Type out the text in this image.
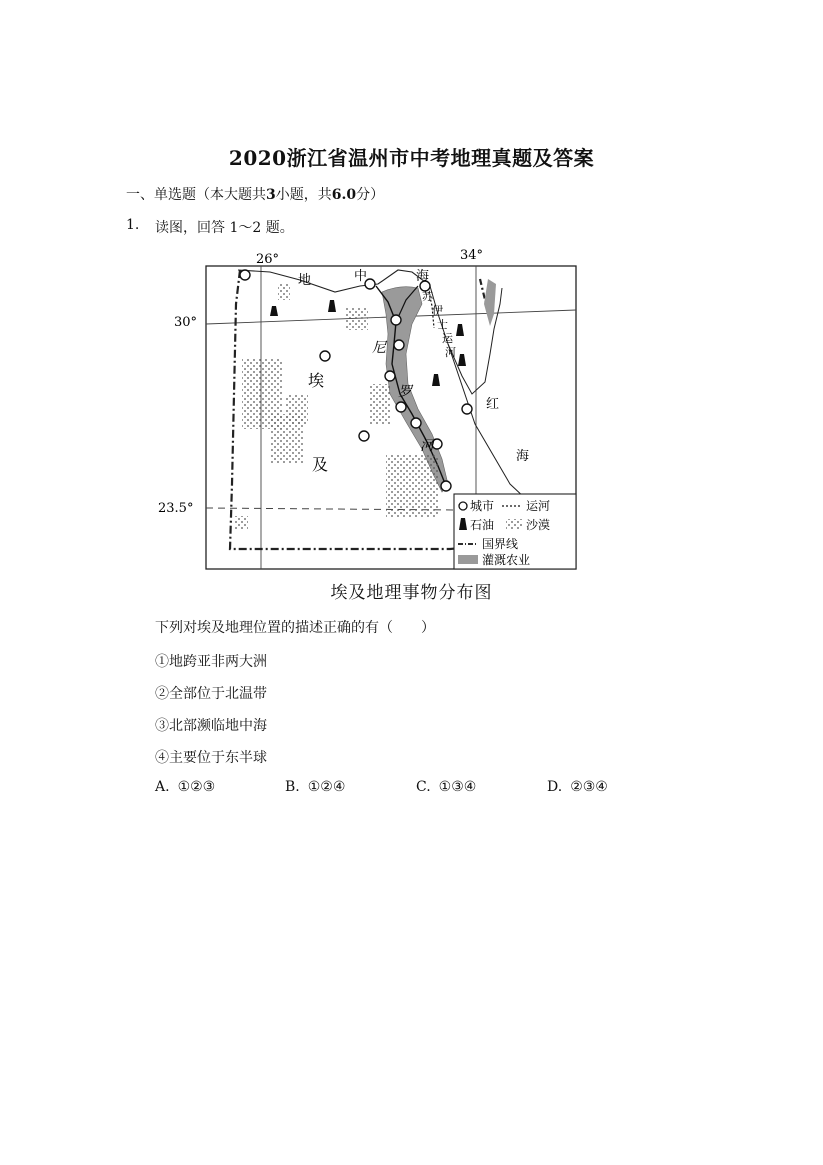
2020浙江省温州市中考地理真题及答案
一、单选题（本大题共3小题，共6.0分）
1. 读图，回答 1～2 题。
26°	34°
30°
23.5°
地	中	海
苏
伊
士
运
河
尼
罗
河
埃
及
红
海
城市	运河
石油	沙漠
国界线
灌溉农业
埃及地理事物分布图
下列对埃及地理位置的描述正确的有（　　）
①地跨亚非两大洲
②全部位于北温带
③北部濒临地中海
④主要位于东半球
A. ①②③	B. ①②④	C. ①③④	D. ②③④
